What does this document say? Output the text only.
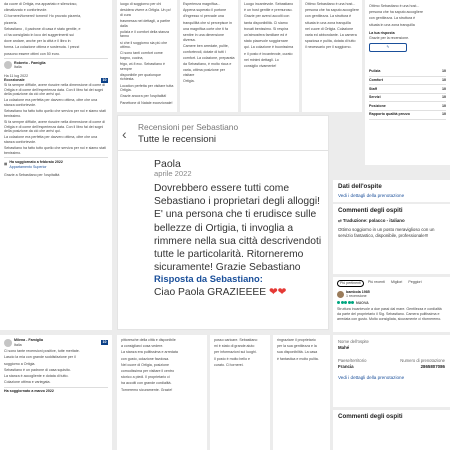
da cuore di Ortigia, ma appartato e silenzioso,

climatizzato e confortevole.

Ci tornerei/tornerei/ tornerò! Ho provato pizzeria,

pizzeria.

Sebastiano , il padrone di casa è stato gentile, e

ci ha consigliato in loco dei suggerimenti sui

dove andare, anche per la città e il libro in

forma. La colazione ottima e sostenuta. I prezzi

possono essere ottimi con 50 euro.

Roberto - Famiglia
Italia
Ha 11 lug 2022
Eccezionale	10

Si fa sempre difficile, avere riuscire nella dimensione di come di Ortigia e di come dell'esperienza data. Con il libro fai dei sogni della posizione da ciò che arrivi qui.

La colazione era perfetta per davvero ottima, oltre che una stanza confortevole.

Sebastiano ha fatto tutto quello che serviva per noi e siamo stati benissimo.

Si fa sempre difficile, avere riuscire nella dimensione di come di Ortigia e di come dell'esperienza data. Con il libro fai dei sogni della posizione da ciò che arrivi qui.

La colazione era perfetta per davvero ottima, oltre che una stanza confortevole.

Sebastiano ha fatto tutto quello che serviva per noi e siamo stati benissimo.

▦
Ha soggiornato a febbraio 2022
Appartamento Superior
Grazie a Sebastiano per l'ospitalità

luogo di soggiorno per chi

desidera vivere a Ortigia. Un po' di cura

trasmessa nei dettagli, a partire dalla

pulizia e il comfort della stanza fanno

sì che il soggiorno sia più che ottimo.

Ci sono tanti comfort come bagno, cucina,

frigo, wi-fi ecc. Sebastiano è sempre

disponibile per qualunque richiesta.

Location perfetta per visitare tutta Ortigia.

Grazie ancora per l'ospitalità!

Panettone di Natale eccezionale!

Esperienza magnifica...

Appena superato il portone

d'ingresso vi pervade una

tranquillità che si percepisce in

una magnifica corte che ti fa

sentire in una dimensione diversa.

Camere ben arredate, pulite,

confortevoli, dotate di tutti i

comfort. La colazione, preparata

da Sebastiano, è molto ricca e

varia, ottima posizione per visitare

Ortigia.

Luogo incantevole. Sebastiano

è un host gentile e premuroso.

Grazie per averci accolti con

tanta disponibilità. Ci siamo

trovati benissimo. Si respira

un'atmosfera familiare ed è

stato piacevole soggiornare

qui. La colazione è buonissima

e il posto è incantevole, curato

nei minimi dettagli. Lo

consiglio vivamente!

Ottimo Sebastiano è una host...

persona che ha saputo accogliere

con gentilezza. La struttura è

situata in una zona tranquilla

nel cuore di Ortigia. Colazione

varia ed abbondante. La camera

spaziosa e pulita, dotata di tutto

il necessario per il soggiorno.

Ottimo Sebastiano è una host...

persona che ha saputo accogliere

con gentilezza. La struttura è

situata in una zona tranquilla

La tua risposta
Grazie per la recensione.
✎
Pulizia	10
Comfort	10
Staff	10
Servizi	10
Posizione	10
Rapporto qualità prezzo	10
Dati dell'ospite
Vedi i dettagli della prenotazione
Commenti degli ospiti
⇄ Traduzione: polacco - italiano
Ottimo soggiorno in un posto meraviglioso con un servizio fantastico, disponibile, professionale!!!
Più pertinenti	Più recenti	Migliori	Peggiori
bambola 1985
1 recensione
NUOVA
Struttura incantevole a due passi dal mare. Gentilezza e cordialità da parte del proprietario il Sig. Sebastiano. Camera pulitissima e arredata con gusto. Molto consigliata, sicuramente ci ritorneremo.
Nome dell'ospite
Mahé
Paese/territorio	Numero di prenotazione
Francia	2865807086
Vedi i dettagli della prenotazione
Commenti degli ospiti
Milena - Famiglia
Italia
10

Ci sono tante recensioni positive, tutte meritate.

Lascio la mia con grande soddisfazione per il

soggiorno a Ortigia.

Sebastiano è un padrone di casa squisito.

La stanza è accogliente e dotata di tutto.

Colazione ottima e variegata.

Ha soggiornato a marzo 2022

pittoresche della città e disponibile

a consigliarci cosa vedere.

La stanza era pulitissima e arredata

con gusto, colazione favolosa.

Nel cuore di Ortigia, posizione

comodissima per visitare il centro

storico a piedi. Il proprietario ci

ha accolti con grande cordialità.

Torneremo sicuramente. Grazie!

posso caricare. Sebastiano

mi è stato di grande aiuto

per informazioni sui luoghi.

Il posto è molto bello e

curato. Ci tornerei.

ringraziare il proprietario

per la sua gentilezza e la

sua disponibilità. La casa

è fantastica e molto pulita.

‹ Recensioni per Sebastiano
Tutte le recensioni
Paola
aprile 2022
Dovrebbero essere tutti come Sebastiano i proprietari degli alloggi! E' una persona che ti erudisce sulle bellezze di Ortigia, ti invoglia a rimmere nella sua città descrivendoti tutte le particolarità. Ritorneremo sicuramente! Grazie Sebastiano
Risposta da Sebastiano:
Ciao Paola GRAZIEEEE ❤❤
